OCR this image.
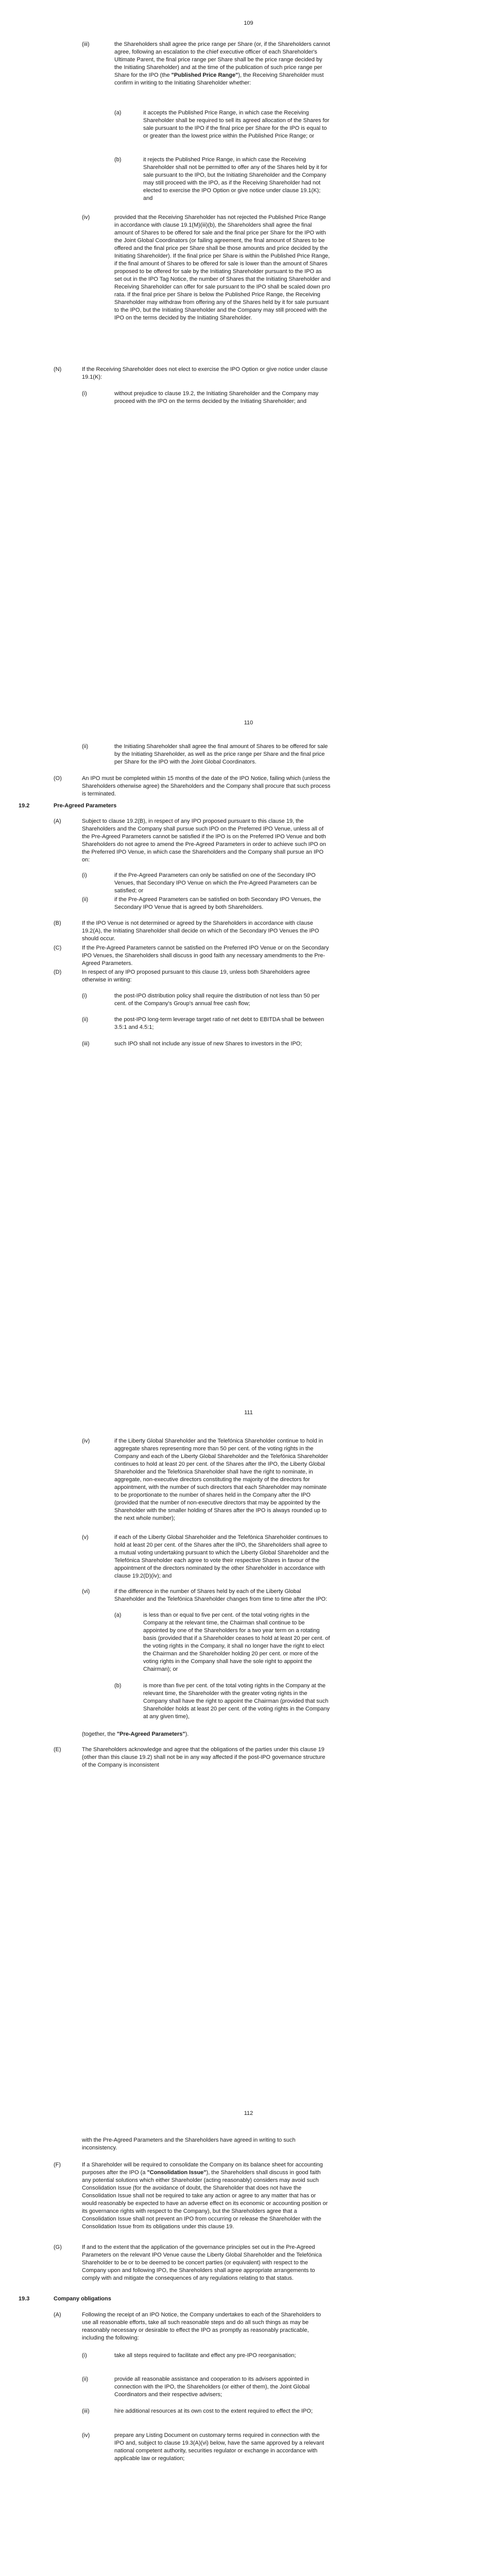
109
(iii)	the Shareholders shall agree the price range per Share (or, if the Shareholders cannot agree, following an escalation to the chief executive officer of each Shareholder's Ultimate Parent, the final price range per Share shall be the price range decided by the Initiating Shareholder) and at the time of the publication of such price range per Share for the IPO (the "Published Price Range"), the Receiving Shareholder must confirm in writing to the Initiating Shareholder whether:

(a)	it accepts the Published Price Range, in which case the Receiving Shareholder shall be required to sell its agreed allocation of the Shares for sale pursuant to the IPO if the final price per Share for the IPO is equal to or greater than the lowest price within the Published Price Range; or

(b)	it rejects the Published Price Range, in which case the Receiving Shareholder shall not be permitted to offer any of the Shares held by it for sale pursuant to the IPO, but the Initiating Shareholder and the Company may still proceed with the IPO, as if the Receiving Shareholder had not elected to exercise the IPO Option or give notice under clause 19.1(K); and

(iv)	provided that the Receiving Shareholder has not rejected the Published Price Range in accordance with clause 19.1(M)(iii)(b), the Shareholders shall agree the final amount of Shares to be offered for sale and the final price per Share for the IPO with the Joint Global Coordinators (or failing agreement, the final amount of Shares to be offered and the final price per Share shall be those amounts and price decided by the Initiating Shareholder). If the final price per Share is within the Published Price Range, if the final amount of Shares to be offered for sale is lower than the amount of Shares proposed to be offered for sale by the Initiating Shareholder pursuant to the IPO as set out in the IPO Tag Notice, the number of Shares that the Initiating Shareholder and Receiving Shareholder can offer for sale pursuant to the IPO shall be scaled down pro rata. If the final price per Share is below the Published Price Range, the Receiving Shareholder may withdraw from offering any of the Shares held by it for sale pursuant to the IPO, but the Initiating Shareholder and the Company may still proceed with the IPO on the terms decided by the Initiating Shareholder.

(N)	If the Receiving Shareholder does not elect to exercise the IPO Option or give notice under clause 19.1(K):

(i)	without prejudice to clause 19.2, the Initiating Shareholder and the Company may proceed with the IPO on the terms decided by the Initiating Shareholder; and

110
(ii)	the Initiating Shareholder shall agree the final amount of Shares to be offered for sale by the Initiating Shareholder, as well as the price range per Share and the final price per Share for the IPO with the Joint Global Coordinators.

(O)	An IPO must be completed within 15 months of the date of the IPO Notice, failing which (unless the Shareholders otherwise agree) the Shareholders and the Company shall procure that such process is terminated.

19.2	Pre-Agreed Parameters
(A)	Subject to clause 19.2(B), in respect of any IPO proposed pursuant to this clause 19, the Shareholders and the Company shall pursue such IPO on the Preferred IPO Venue, unless all of the Pre-Agreed Parameters cannot be satisfied if the IPO is on the Preferred IPO Venue and both Shareholders do not agree to amend the Pre-Agreed Parameters in order to achieve such IPO on the Preferred IPO Venue, in which case the Shareholders and the Company shall pursue an IPO on:

(i)	if the Pre-Agreed Parameters can only be satisfied on one of the Secondary IPO Venues, that Secondary IPO Venue on which the Pre-Agreed Parameters can be satisfied; or

(ii)	if the Pre-Agreed Parameters can be satisfied on both Secondary IPO Venues, the Secondary IPO Venue that is agreed by both Shareholders.

(B)	If the IPO Venue is not determined or agreed by the Shareholders in accordance with clause 19.2(A), the Initiating Shareholder shall decide on which of the Secondary IPO Venues the IPO should occur.

(C)	If the Pre-Agreed Parameters cannot be satisfied on the Preferred IPO Venue or on the Secondary IPO Venues, the Shareholders shall discuss in good faith any necessary amendments to the Pre-Agreed Parameters.

(D)	In respect of any IPO proposed pursuant to this clause 19, unless both Shareholders agree otherwise in writing:

(i)	the post-IPO distribution policy shall require the distribution of not less than 50 per cent. of the Company's Group's annual free cash flow;

(ii)	the post-IPO long-term leverage target ratio of net debt to EBITDA shall be between 3.5:1 and 4.5:1;

(iii)	such IPO shall not include any issue of new Shares to investors in the IPO;

111
(iv)	if the Liberty Global Shareholder and the Telefónica Shareholder continue to hold in aggregate shares representing more than 50 per cent. of the voting rights in the Company and each of the Liberty Global Shareholder and the Telefónica Shareholder continues to hold at least 20 per cent. of the Shares after the IPO, the Liberty Global Shareholder and the Telefónica Shareholder shall have the right to nominate, in aggregate, non-executive directors constituting the majority of the directors for appointment, with the number of such directors that each Shareholder may nominate to be proportionate to the number of shares held in the Company after the IPO (provided that the number of non-executive directors that may be appointed by the Shareholder with the smaller holding of Shares after the IPO is always rounded up to the next whole number);

(v)	if each of the Liberty Global Shareholder and the Telefónica Shareholder continues to hold at least 20 per cent. of the Shares after the IPO, the Shareholders shall agree to a mutual voting undertaking pursuant to which the Liberty Global Shareholder and the Telefónica Shareholder each agree to vote their respective Shares in favour of the appointment of the directors nominated by the other Shareholder in accordance with clause 19.2(D)(iv); and

(vi)	if the difference in the number of Shares held by each of the Liberty Global Shareholder and the Telefónica Shareholder changes from time to time after the IPO:

(a)	is less than or equal to five per cent. of the total voting rights in the Company at the relevant time, the Chairman shall continue to be appointed by one of the Shareholders for a two year term on a rotating basis (provided that if a Shareholder ceases to hold at least 20 per cent. of the voting rights in the Company, it shall no longer have the right to elect the Chairman and the Shareholder holding 20 per cent. or more of the voting rights in the Company shall have the sole right to appoint the Chairman); or

(b)	is more than five per cent. of the total voting rights in the Company at the relevant time, the Shareholder with the greater voting rights in the Company shall have the right to appoint the Chairman (provided that such Shareholder holds at least 20 per cent. of the voting rights in the Company at any given time),

(together, the "Pre-Agreed Parameters").

(E)	The Shareholders acknowledge and agree that the obligations of the parties under this clause 19 (other than this clause 19.2) shall not be in any way affected if the post-IPO governance structure of the Company is inconsistent

112

with the Pre-Agreed Parameters and the Shareholders have agreed in writing to such inconsistency.

(F)	If a Shareholder will be required to consolidate the Company on its balance sheet for accounting purposes after the IPO (a "Consolidation Issue"), the Shareholders shall discuss in good faith any potential solutions which either Shareholder (acting reasonably) considers may avoid such Consolidation Issue (for the avoidance of doubt, the Shareholder that does not have the Consolidation Issue shall not be required to take any action or agree to any matter that has or would reasonably be expected to have an adverse effect on its economic or accounting position or its governance rights with respect to the Company), but the Shareholders agree that a Consolidation Issue shall not prevent an IPO from occurring or release the Shareholder with the Consolidation Issue from its obligations under this clause 19.

(G)	If and to the extent that the application of the governance principles set out in the Pre-Agreed Parameters on the relevant IPO Venue cause the Liberty Global Shareholder and the Telefónica Shareholder to be or to be deemed to be concert parties (or equivalent) with respect to the Company upon and following IPO, the Shareholders shall agree appropriate arrangements to comply with and mitigate the consequences of any regulations relating to that status.

19.3	Company obligations
(A)	Following the receipt of an IPO Notice, the Company undertakes to each of the Shareholders to use all reasonable efforts, take all such reasonable steps and do all such things as may be reasonably necessary or desirable to effect the IPO as promptly as reasonably practicable, including the following:

(i)	take all steps required to facilitate and effect any pre-IPO reorganisation;

(ii)	provide all reasonable assistance and cooperation to its advisers appointed in connection with the IPO, the Shareholders (or either of them), the Joint Global Coordinators and their respective advisers;

(iii)	hire additional resources at its own cost to the extent required to effect the IPO;

(iv)	prepare any Listing Document on customary terms required in connection with the IPO and, subject to clause 19.3(A)(vi) below, have the same approved by a relevant national competent authority, securities regulator or exchange in accordance with applicable law or regulation;
